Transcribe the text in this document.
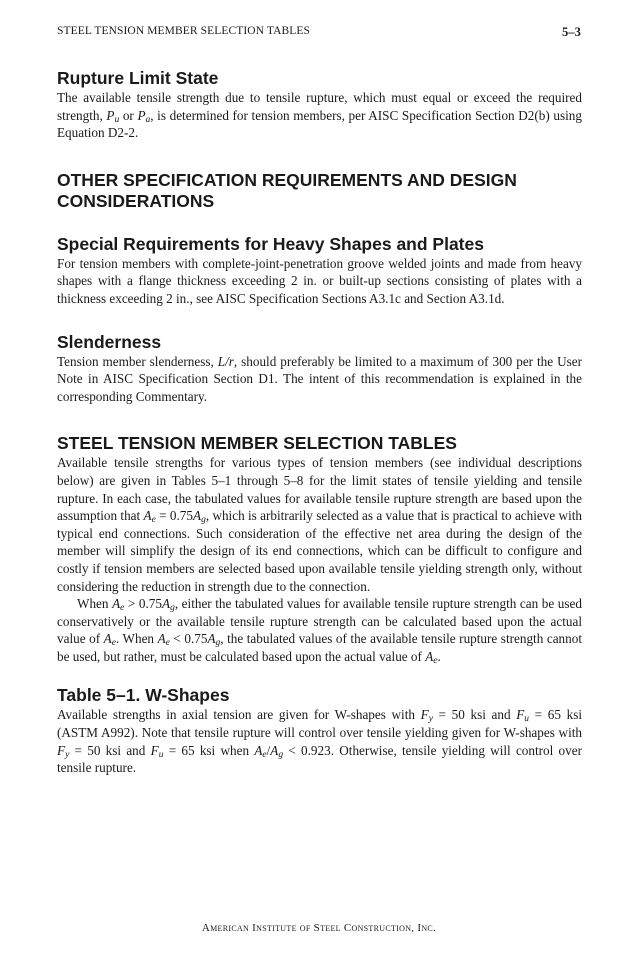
STEEL TENSION MEMBER SELECTION TABLES	5–3
Rupture Limit State

The available tensile strength due to tensile rupture, which must equal or exceed the required strength, $P_u$ or $P_a$, is determined for tension members, per AISC Specification Section D2(b) using Equation D2-2.

OTHER SPECIFICATION REQUIREMENTS AND DESIGN CONSIDERATIONS
Special Requirements for Heavy Shapes and Plates

For tension members with complete-joint-penetration groove welded joints and made from heavy shapes with a flange thickness exceeding 2 in. or built-up sections consisting of plates with a thickness exceeding 2 in., see AISC Specification Sections A3.1c and Section A3.1d.

Slenderness

Tension member slenderness, L/r, should preferably be limited to a maximum of 300 per the User Note in AISC Specification Section D1. The intent of this recommendation is explained in the corresponding Commentary.

STEEL TENSION MEMBER SELECTION TABLES

Available tensile strengths for various types of tension members (see individual descriptions below) are given in Tables 5–1 through 5–8 for the limit states of tensile yielding and tensile rupture. In each case, the tabulated values for available tensile rupture strength are based upon the assumption that $A_e = 0.75A_g$, which is arbitrarily selected as a value that is practical to achieve with typical end connections. Such consideration of the effective net area during the design of the member will simplify the design of its end connections, which can be difficult to configure and costly if tension members are selected based upon available tensile yielding strength only, without considering the reduction in strength due to the connection.

When $A_e > 0.75A_g$, either the tabulated values for available tensile rupture strength can be used conservatively or the available tensile rupture strength can be calculated based upon the actual value of $A_e$. When $A_e < 0.75A_g$, the tabulated values of the available tensile rupture strength cannot be used, but rather, must be calculated based upon the actual value of $A_e$.

Table 5–1. W-Shapes

Available strengths in axial tension are given for W-shapes with $F_y = 50$ ksi and $F_u = 65$ ksi (ASTM A992). Note that tensile rupture will control over tensile yielding given for W-shapes with $F_y = 50$ ksi and $F_u = 65$ ksi when $A_e/A_g < 0.923$. Otherwise, tensile yielding will control over tensile rupture.

American Institute of Steel Construction, Inc.
